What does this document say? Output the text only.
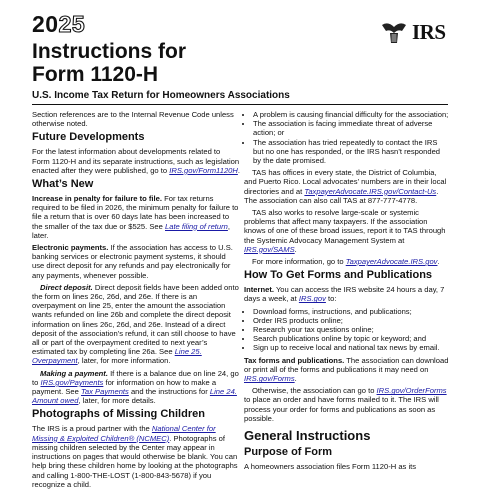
2025	IRS
Instructions for
Form 1120-H
U.S. Income Tax Return for Homeowners Associations

Section references are to the Internal Revenue Code unless otherwise noted.

Future Developments

For the latest information about developments related to Form 1120-H and its separate instructions, such as legislation enacted after they were published, go to IRS.gov/Form1120H.

What’s New

Increase in penalty for failure to file. For tax returns required to be filed in 2026, the minimum penalty for failure to file a return that is over 60 days late has been increased to the smaller of the tax due or $525. See Late filing of return, later.

Electronic payments. If the association has access to U.S. banking services or electronic payment systems, it should use direct deposit for any refunds and pay electronically for any payments, whenever possible.

Direct deposit. Direct deposit fields have been added onto the form on lines 26c, 26d, and 26e. If there is an overpayment on line 25, enter the amount the association wants refunded on line 26b and complete the direct deposit information on lines 26c, 26d, and 26e. Instead of a direct deposit of the association’s refund, it can still choose to have all or part of the overpayment credited to next year’s estimated tax by completing line 26a. See Line 25. Overpayment, later, for more information.

Making a payment. If there is a balance due on line 24, go to IRS.gov/Payments for information on how to make a payment. See Tax Payments and the instructions for Line 24. Amount owed, later, for more details.

Photographs of Missing Children

The IRS is a proud partner with the National Center for Missing & Exploited Children® (NCMEC). Photographs of missing children selected by the Center may appear in instructions on pages that would otherwise be blank. You can help bring these children home by looking at the photographs and calling 1-800-THE-LOST (1-800-843-5678) if you recognize a child.

• A problem is causing financial difficulty for the association;
• The association is facing immediate threat of adverse action; or
• The association has tried repeatedly to contact the IRS but no one has responded, or the IRS hasn’t responded by the date promised.

TAS has offices in every state, the District of Columbia, and Puerto Rico. Local advocates’ numbers are in their local directories and at TaxpayerAdvocate.IRS.gov/Contact-Us. The association can also call TAS at 877-777-4778.

TAS also works to resolve large-scale or systemic problems that affect many taxpayers. If the association knows of one of these broad issues, report it to TAS through the Systemic Advocacy Management System at IRS.gov/SAMS.

For more information, go to TaxpayerAdvocate.IRS.gov.

How To Get Forms and Publications

Internet. You can access the IRS website 24 hours a day, 7 days a week, at IRS.gov to:

• Download forms, instructions, and publications;
• Order IRS products online;
• Research your tax questions online;
• Search publications online by topic or keyword; and
• Sign up to receive local and national tax news by email.

Tax forms and publications. The association can download or print all of the forms and publications it may need on IRS.gov/Forms.

Otherwise, the association can go to IRS.gov/OrderForms to place an order and have forms mailed to it. The IRS will process your order for forms and publications as soon as possible.

General Instructions
Purpose of Form

A homeowners association files Form 1120-H as its
